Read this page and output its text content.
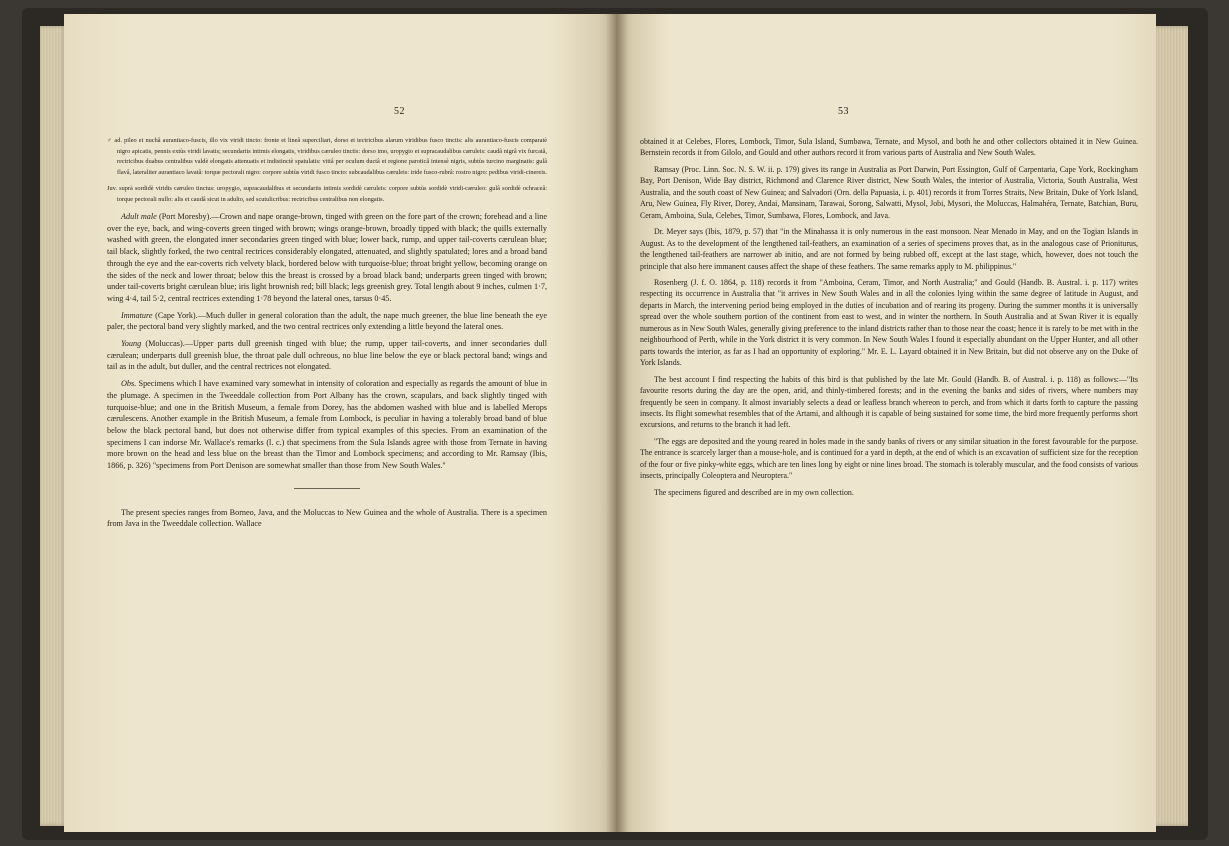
52

♂ ad. pileo et nuchâ aurantiaco-fuscis, illo vix viridi tincto: fronte et lineâ superciliari, dorso et tectricibus alarum viridibus fusco tinctis: alis aurantiaco-fuscis comparatè nigro apicatis, pennis extùs viridi lavatis; secundariis intimis elongatis, viridibus cæruleo tinctis: dorso imo, uropygio et supracaudalibus cæruleis: caudâ nigrâ vix furcatâ, rectricibus duabus centralibus valdè elongatis attenuatis et indistinctè spatulatis: vittâ per oculum ductâ et regione paroticâ intensè nigris, subtùs turcino marginatis: gulâ flavâ, lateraliter aurantiaco lavatâ: torque pectorali nigro: corpore subtùs viridi fusco tincto: subcaudalibus cæruleis: iride fusco-rubrâ: rostro nigro: pedibus viridi-cinereis.

Juv. suprà sordidè viridis cæruleo tinctus: uropygio, supracaudalibus et secundariis intimis sordidè cæruleis: corpore subtùs sordidè viridi-cæruleo: gulâ sordidè ochraceâ: torque pectorali nullo: alis et caudâ sicut in adulto, sed scutulicribus: rectricibus centralibus non elongatis.

Adult male (Port Moresby).—Crown and nape orange-brown, tinged with green on the fore part of the crown; forehead and a line over the eye, back, and wing-coverts green tinged with brown; wings orange-brown, broadly tipped with black; the quills externally washed with green, the elongated inner secondaries green tinged with blue; lower back, rump, and upper tail-coverts cærulean blue; tail black, slightly forked, the two central rectrices considerably elongated, attenuated, and slightly spatulated; lores and a broad band through the eye and the ear-coverts rich velvety black, bordered below with turquoise-blue; throat bright yellow, becoming orange on the sides of the neck and lower throat; below this the breast is crossed by a broad black band; underparts green tinged with brown; under tail-coverts bright cærulean blue; iris light brownish red; bill black; legs greenish grey. Total length about 9 inches, culmen 1·7, wing 4·4, tail 5·2, central rectrices extending 1·78 beyond the lateral ones, tarsus 0·45.

Immature (Cape York).—Much duller in general coloration than the adult, the nape much greener, the blue line beneath the eye paler, the pectoral band very slightly marked, and the two central rectrices only extending a little beyond the lateral ones.

Young (Moluccas).—Upper parts dull greenish tinged with blue; the rump, upper tail-coverts, and inner secondaries dull cærulean; underparts dull greenish blue, the throat pale dull ochreous, no blue line below the eye or black pectoral band; wings and tail as in the adult, but duller, and the central rectrices not elongated.

Obs. Specimens which I have examined vary somewhat in intensity of coloration and especially as regards the amount of blue in the plumage. A specimen in the Tweeddale collection from Port Albany has the crown, scapulars, and back slightly tinged with turquoise-blue; and one in the British Museum, a female from Dorey, has the abdomen washed with blue and is labelled Merops cærulescens. Another example in the British Museum, a female from Lombock, is peculiar in having a tolerably broad band of blue below the black pectoral band, but does not otherwise differ from typical examples of this species. From an examination of the specimens I can indorse Mr. Wallace's remarks (l. c.) that specimens from the Sula Islands agree with those from Ternate in having more brown on the head and less blue on the breast than the Timor and Lombock specimens; and according to Mr. Ramsay (Ibis, 1866, p. 326) "specimens from Port Denison are somewhat smaller than those from New South Wales."

The present species ranges from Borneo, Java, and the Moluccas to New Guinea and the whole of Australia. There is a specimen from Java in the Tweeddale collection. Wallace

53

obtained it at Celebes, Flores, Lombock, Timor, Sula Island, Sumbawa, Ternate, and Mysol, and both he and other collectors obtained it in New Guinea. Bernstein records it from Gilolo, and Gould and other authors record it from various parts of Australia and New South Wales.

Ramsay (Proc. Linn. Soc. N. S. W. ii. p. 179) gives its range in Australia as Port Darwin, Port Essington, Gulf of Carpentaria, Cape York, Rockingham Bay, Port Denison, Wide Bay district, Richmond and Clarence River district, New South Wales, the interior of Australia, Victoria, South Australia, West Australia, and the south coast of New Guinea; and Salvadori (Orn. della Papuasia, i. p. 401) records it from Torres Straits, New Britain, Duke of York Island, Aru, New Guinea, Fly River, Dorey, Andai, Mansinam, Tarawai, Sorong, Salwatti, Mysol, Jobi, Mysori, the Moluccas, Halmahéra, Ternate, Batchian, Buru, Ceram, Amboina, Sula, Celebes, Timor, Sumbawa, Flores, Lombock, and Java.

Dr. Meyer says (Ibis, 1879, p. 57) that "in the Minahassa it is only numerous in the east monsoon. Near Menado in May, and on the Togian Islands in August. As to the development of the lengthened tail-feathers, an examination of a series of specimens proves that, as in the analogous case of Prioniturus, the lengthened tail-feathers are narrower ab initio, and are not formed by being rubbed off, except at the last stage, which, however, does not touch the principle that also here immanent causes affect the shape of these feathers. The same remarks apply to M. philippinus."

Rosenberg (J. f. O. 1864, p. 118) records it from "Amboina, Ceram, Timor, and North Australia;" and Gould (Handb. B. Austral. i. p. 117) writes respecting its occurrence in Australia that "it arrives in New South Wales and in all the colonies lying within the same degree of latitude in August, and departs in March, the intervening period being employed in the duties of incubation and of rearing its progeny. During the summer months it is universally spread over the whole southern portion of the continent from east to west, and in winter the northern. In South Australia and at Swan River it is equally numerous as in New South Wales, generally giving preference to the inland districts rather than to those near the coast; hence it is rarely to be met with in the neighbourhood of Perth, while in the York district it is very common. In New South Wales I found it especially abundant on the Upper Hunter, and all other parts towards the interior, as far as I had an opportunity of exploring." Mr. E. L. Layard obtained it in New Britain, but did not observe any on the Duke of York Islands.

The best account I find respecting the habits of this bird is that published by the late Mr. Gould (Handb. B. of Austral. i. p. 118) as follows:—"Its favourite resorts during the day are the open, arid, and thinly-timbered forests; and in the evening the banks and sides of rivers, where numbers may frequently be seen in company. It almost invariably selects a dead or leafless branch whereon to perch, and from which it darts forth to capture the passing insects. Its flight somewhat resembles that of the Artami, and although it is capable of being sustained for some time, the bird more frequently performs short excursions, and returns to the branch it had left.

"The eggs are deposited and the young reared in holes made in the sandy banks of rivers or any similar situation in the forest favourable for the purpose. The entrance is scarcely larger than a mouse-hole, and is continued for a yard in depth, at the end of which is an excavation of sufficient size for the reception of the four or five pinky-white eggs, which are ten lines long by eight or nine lines broad. The stomach is tolerably muscular, and the food consists of various insects, principally Coleoptera and Neuroptera."

The specimens figured and described are in my own collection.
